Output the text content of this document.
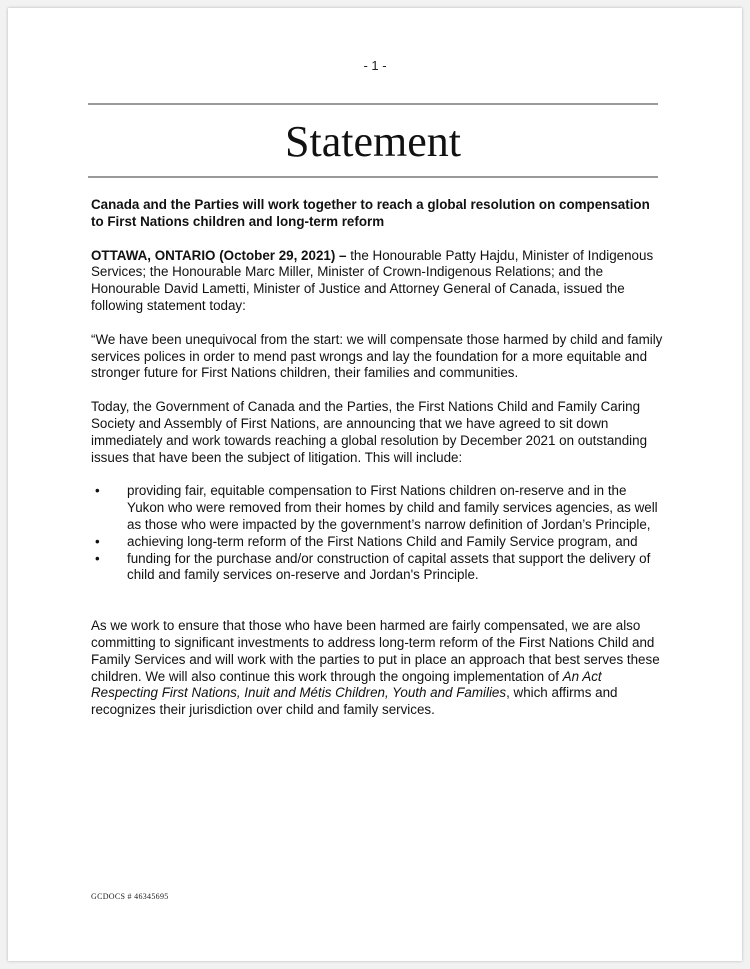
- 1 -
Statement
Canada and the Parties will work together to reach a global resolution on compensation to First Nations children and long-term reform

OTTAWA, ONTARIO (October 29, 2021) – the Honourable Patty Hajdu, Minister of Indigenous Services; the Honourable Marc Miller, Minister of Crown-Indigenous Relations; and the Honourable David Lametti, Minister of Justice and Attorney General of Canada, issued the following statement today:

“We have been unequivocal from the start: we will compensate those harmed by child and family services polices in order to mend past wrongs and lay the foundation for a more equitable and stronger future for First Nations children, their families and communities.

Today, the Government of Canada and the Parties, the First Nations Child and Family Caring Society and Assembly of First Nations, are announcing that we have agreed to sit down immediately and work towards reaching a global resolution by December 2021 on outstanding issues that have been the subject of litigation. This will include:

• providing fair, equitable compensation to First Nations children on-reserve and in the Yukon who were removed from their homes by child and family services agencies, as well as those who were impacted by the government’s narrow definition of Jordan’s Principle,
• achieving long-term reform of the First Nations Child and Family Service program, and
• funding for the purchase and/or construction of capital assets that support the delivery of child and family services on-reserve and Jordan's Principle.

As we work to ensure that those who have been harmed are fairly compensated, we are also committing to significant investments to address long-term reform of the First Nations Child and Family Services and will work with the parties to put in place an approach that best serves these children. We will also continue this work through the ongoing implementation of An Act Respecting First Nations, Inuit and Métis Children, Youth and Families, which affirms and recognizes their jurisdiction over child and family services.

GCDOCS # 46345695
